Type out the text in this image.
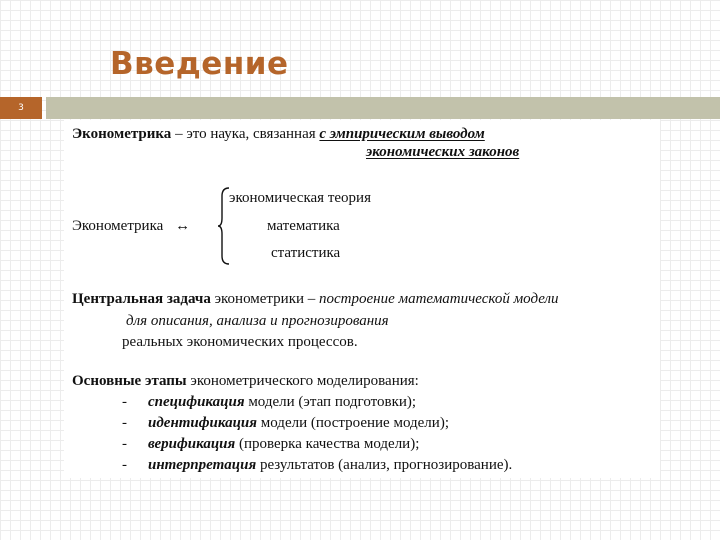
Введение
3
Эконометрика – это наука, связанная с эмпирическим выводом
экономических законов
Эконометрика ↔
экономическая теория
математика
статистика
Центральная задача эконометрики – построение математической модели
для описания, анализа и прогнозирования
реальных экономических процессов.
Основные этапы эконометрического моделирования:
- спецификация модели (этап подготовки);
- идентификация модели (построение модели);
- верификация (проверка качества модели);
- интерпретация результатов (анализ, прогнозирование).
